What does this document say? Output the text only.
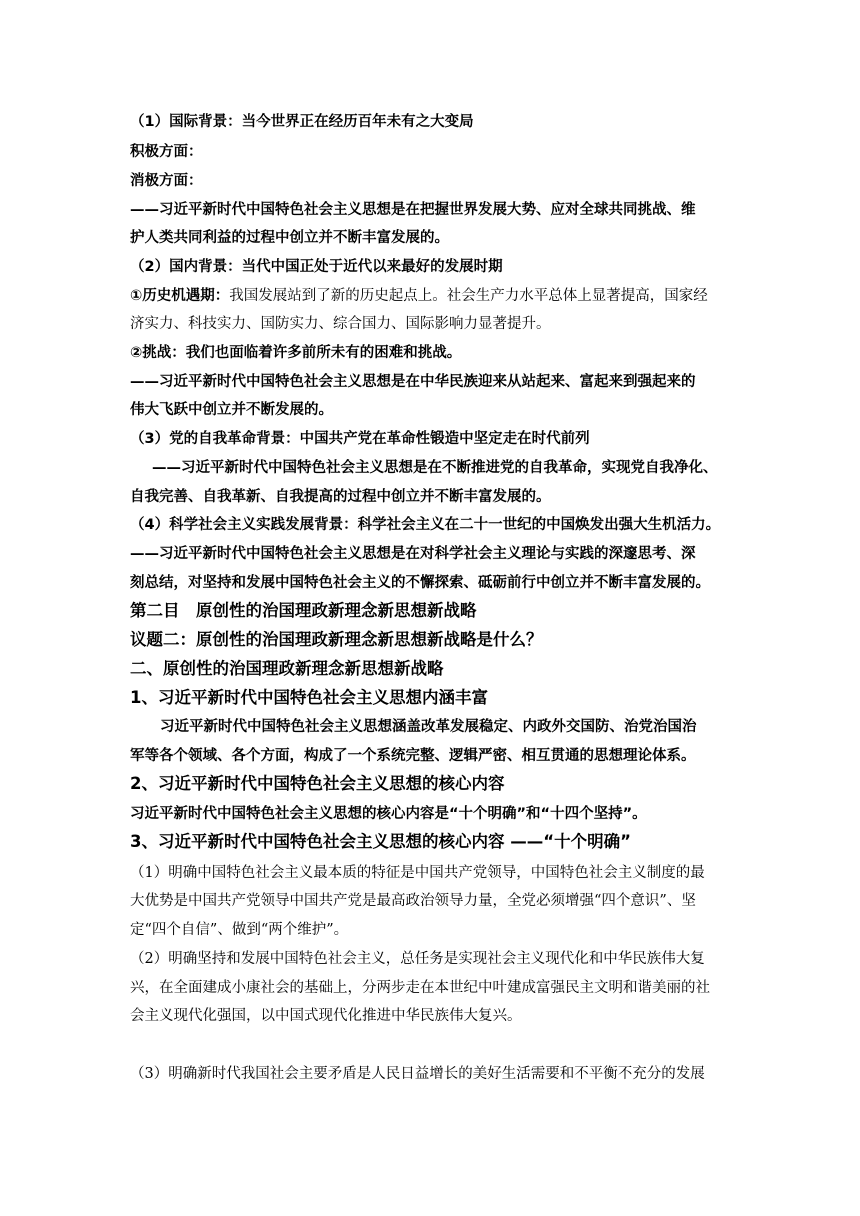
（1）国际背景：当今世界正在经历百年未有之大变局
积极方面：
消极方面：
——习近平新时代中国特色社会主义思想是在把握世界发展大势、应对全球共同挑战、维
护人类共同利益的过程中创立并不断丰富发展的。
（2）国内背景：当代中国正处于近代以来最好的发展时期
①历史机遇期：我国发展站到了新的历史起点上。社会生产力水平总体上显著提高，国家经
济实力、科技实力、国防实力、综合国力、国际影响力显著提升。
②挑战：我们也面临着许多前所未有的困难和挑战。
——习近平新时代中国特色社会主义思想是在中华民族迎来从站起来、富起来到强起来的
伟大飞跃中创立并不断发展的。
（3）党的自我革命背景：中国共产党在革命性锻造中坚定走在时代前列
——习近平新时代中国特色社会主义思想是在不断推进党的自我革命，实现党自我净化、
自我完善、自我革新、自我提高的过程中创立并不断丰富发展的。
（4）科学社会主义实践发展背景：科学社会主义在二十一世纪的中国焕发出强大生机活力。
——习近平新时代中国特色社会主义思想是在对科学社会主义理论与实践的深邃思考、深
刻总结，对坚持和发展中国特色社会主义的不懈探索、砥砺前行中创立并不断丰富发展的。
第二目　原创性的治国理政新理念新思想新战略
议题二：原创性的治国理政新理念新思想新战略是什么？
二、原创性的治国理政新理念新思想新战略
1、习近平新时代中国特色社会主义思想内涵丰富
习近平新时代中国特色社会主义思想涵盖改革发展稳定、内政外交国防、治党治国治
军等各个领域、各个方面，构成了一个系统完整、逻辑严密、相互贯通的思想理论体系。
2、习近平新时代中国特色社会主义思想的核心内容
习近平新时代中国特色社会主义思想的核心内容是“十个明确”和“十四个坚持”。
3、习近平新时代中国特色社会主义思想的核心内容 ——“十个明确”
（1）明确中国特色社会主义最本质的特征是中国共产党领导，中国特色社会主义制度的最
大优势是中国共产党领导中国共产党是最高政治领导力量，全党必须增强“四个意识”、坚
定“四个自信”、做到“两个维护”。
（2）明确坚持和发展中国特色社会主义，总任务是实现社会主义现代化和中华民族伟大复
兴，在全面建成小康社会的基础上，分两步走在本世纪中叶建成富强民主文明和谐美丽的社
会主义现代化强国，以中国式现代化推进中华民族伟大复兴。
（3）明确新时代我国社会主要矛盾是人民日益增长的美好生活需要和不平衡不充分的发展
